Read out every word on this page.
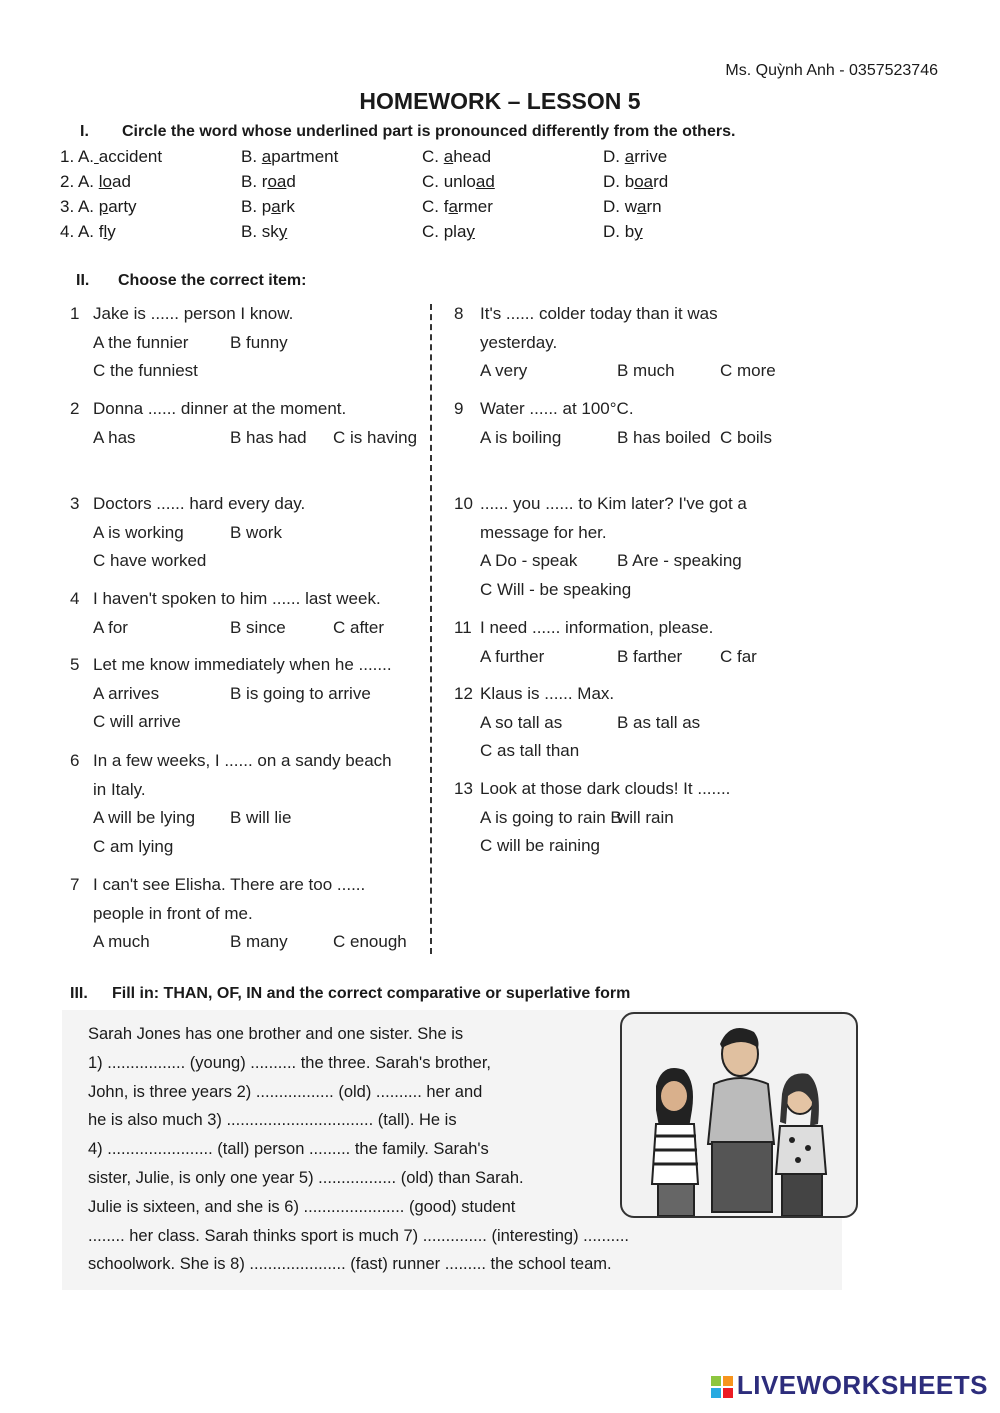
Ms. Quỳnh Anh - 0357523746
HOMEWORK – LESSON 5
I. Circle the word whose underlined part is pronounced differently from the others.
1. A. accident	B. apartment	C. ahead	D. arrive
2. A. load	B. road	C. unload	D. board
3. A. party	B. park	C. farmer	D. warn
4. A. fly	B. sky	C. play	D. by
II. Choose the correct item:
1 Jake is ...... person I know.
A the funnier B funny
C the funniest
2 Donna ...... dinner at the moment.
A has	B has had C is having
3 Doctors ...... hard every day.
A is working	B work
C have worked
4 I haven't spoken to him ...... last week.
A for	B since	C after
5 Let me know immediately when he .......
A arrives	B is going to arrive
C will arrive
6 In a few weeks, I ...... on a sandy beach
in Italy.
A will be lying B will lie
C am lying
7 I can't see Elisha. There are too ......
people in front of me.
A much	B many	C enough
8 It's ...... colder today than it was
yesterday.
A very	B much	C more
9 Water ...... at 100°C.
A is boiling	B has boiled C boils
10 ...... you ...... to Kim later? I've got a
message for her.
A Do - speak B Are - speaking
C Will - be speaking
11 I need ...... information, please.
A further	B farther C far
12 Klaus is ...... Max.
A so tall as	B as tall as
C as tall than
13 Look at those dark clouds! It .......
A is going to rain B
will rain
C will be raining
III. Fill in: THAN, OF, IN and the correct comparative or superlative form
Sarah Jones has one brother and one sister. She is
1) ................. (young) .......... the three. Sarah's brother,
John, is three years 2) ................. (old) .......... her and
he is also much 3) ................................ (tall). He is
4) ....................... (tall) person ......... the family. Sarah's
sister, Julie, is only one year 5) ................. (old) than Sarah.
Julie is sixteen, and she is 6) ...................... (good) student
........ her class. Sarah thinks sport is much 7) .............. (interesting) ..........
schoolwork. She is 8) ..................... (fast) runner ......... the school team.
LIVEWORKSHEETS
